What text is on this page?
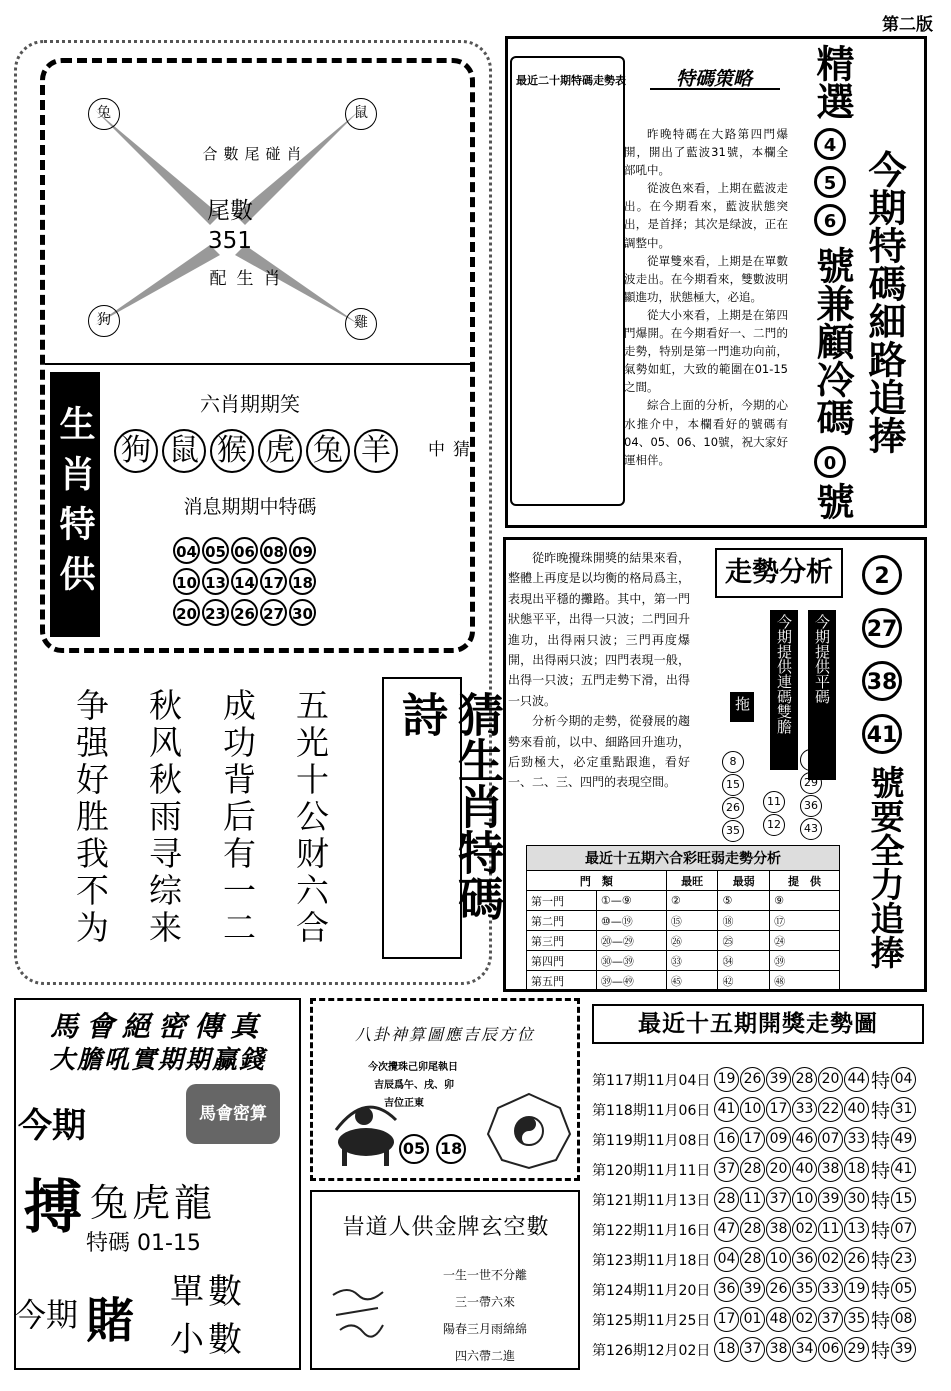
第二版
兔	鼠
狗	雞
合數尾碰肖
尾數
351
配生肖
生肖特供
六肖期期笑
狗 鼠 猴 虎 兔 羊
消息期期中特碼
04 05 06 08 09
10 13 14 17 18
20 23 26 27 30
猜中
五光十公财六合
成功背后有一二
秋风秋雨寻综来
争强好胜我不为	猜生肖特碼詩
最近二十期特碼走勢表	特碼策略

昨晚特碼在大路第四門爆開，開出了藍波31號，本欄全部吼中。

從波色來看，上期在藍波走出。在今期看來，藍波狀態突出，是首择；其次是绿波，正在調整中。

從單雙來看，上期是在單數波走出。在今期看來，雙數波明顯進功，狀態極大，必追。

從大小來看，上期是在第四門爆開。在今期看好一、二門的走勢，特别是第一門進功向前，氣勢如虹，大致的範圍在01-15之間。

綜合上面的分析，今期的心水推介中，本欄看好的號碼有04、05、06、10號，祝大家好運相伴。

精選
4 5 6
號兼顧冷碼
0
號
今期特碼細路追捧

從昨晚攪珠開獎的結果來看，整體上再度是以均衡的格局爲主，表現出平穩的攤路。其中，第一門狀態平平，出得一只波；二門回升進功，出得兩只波；三門再度爆開，出得兩只波；四門表現一般，出得一只波；五門走勢下滑，出得一只波。

分析今期的走勢，從發展的趨勢來看前，以中、細路回升進功，后勁極大，必定重點跟進，看好一、二、三、四門的表現空間。

走勢分析
今期提供平碼
今期提供連碼雙膽
拖
8 15 26 35
11 12
2 29 36 43
2 27 38 41
號要全力追捧
最近十五期六合彩旺弱走勢分析
門　類		最旺	最弱	提　供
第一門	①—⑨	②	⑤	⑨
第二門	⑩—⑲	⑮	⑱	⑰
第三門	⑳—㉙	㉖	㉕	㉔
第四門	㉚—㊴	㉝	㉞	㊴
第五門	㊴—㊾	㊺	㊷	㊽
馬會絕密傳真
大膽吼實期期赢錢
今期	馬會密算
搏 兔虎龍
特碼 01-15
今期 賭
單數
小數
八卦神算圖應吉辰方位
今次攪珠己卯尾執日
吉辰爲午、戌、卯
吉位正東
05 18
旹道人供金牌玄空數
一生一世不分離
三一帶六來
陽春三月雨綿綿
四六帶二進
最近十五期開獎走勢圖
第117期11月04日 19 26 39 28 20 44 特 04
第118期11月06日 41 10 17 33 22 40 特 31
第119期11月08日 16 17 09 46 07 33 特 49
第120期11月11日 37 28 20 40 38 18 特 41
第121期11月13日 28 11 37 10 39 30 特 15
第122期11月16日 47 28 38 02 11 13 特 07
第123期11月18日 04 28 10 36 02 26 特 23
第124期11月20日 36 39 26 35 33 19 特 05
第125期11月25日 17 01 48 02 37 35 特 08
第126期12月02日 18 37 38 34 06 29 特 39
